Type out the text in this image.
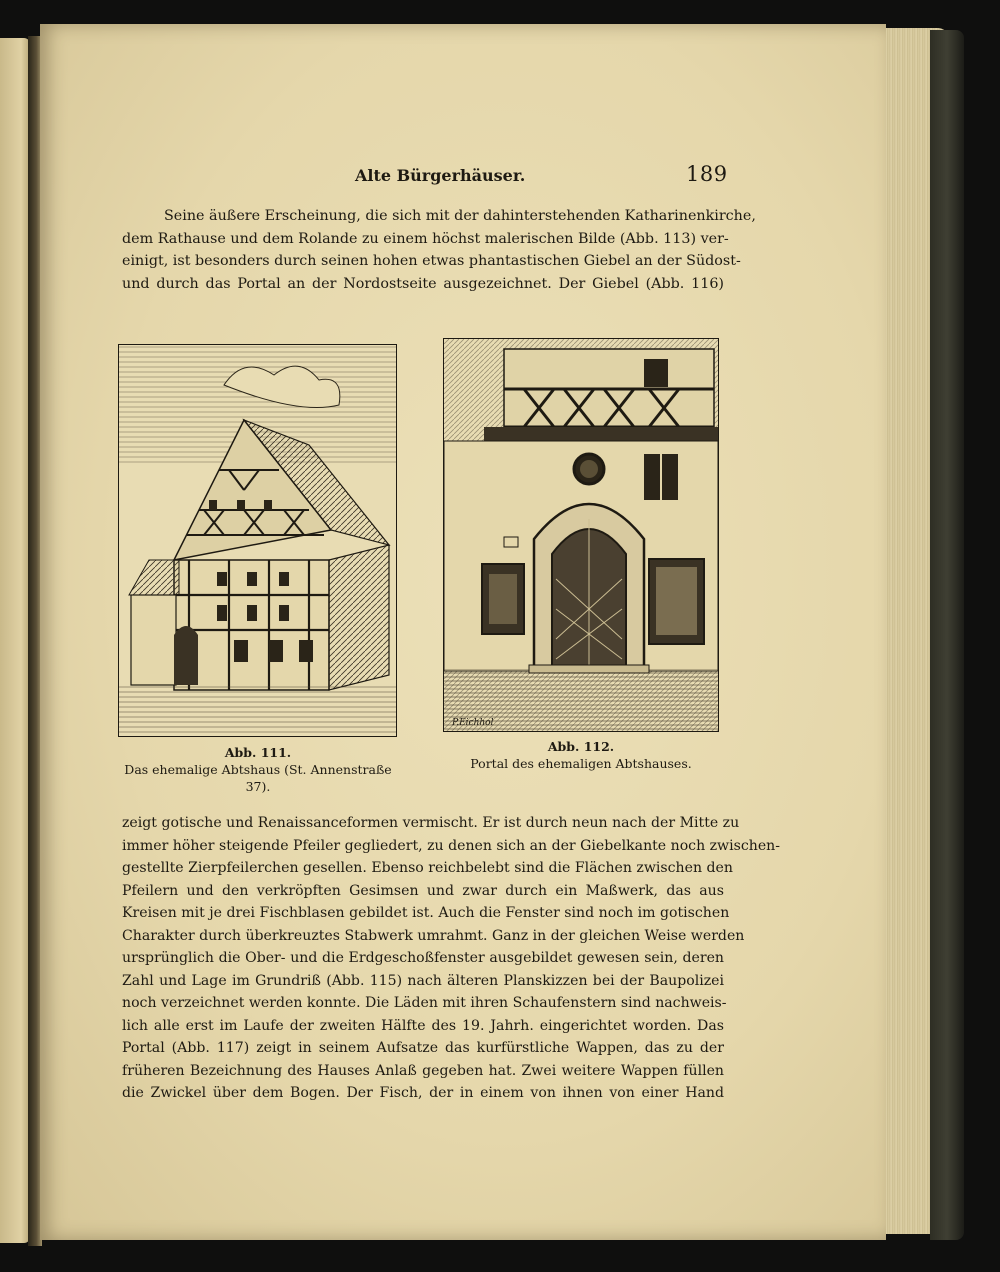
Alte Bürgerhäuser.	189
Seine äußere Erscheinung, die sich mit der dahinterstehenden Katharinenkirche,
dem Rathause und dem Rolande zu einem höchst malerischen Bilde (Abb. 113) ver-
einigt, ist besonders durch seinen hohen etwas phantastischen Giebel an der Südost-
und durch das Portal an der Nordostseite ausgezeichnet. Der Giebel (Abb. 116)
Abb. 111.
Das ehemalige Abtshaus (St. Annenstraße 37).
P.Eichhol
Abb. 112.
Portal des ehemaligen Abtshauses.
zeigt gotische und Renaissanceformen vermischt. Er ist durch neun nach der Mitte zu
immer höher steigende Pfeiler gegliedert, zu denen sich an der Giebelkante noch zwischen-
gestellte Zierpfeilerchen gesellen. Ebenso reichbelebt sind die Flächen zwischen den
Pfeilern und den verkröpften Gesimsen und zwar durch ein Maßwerk, das aus
Kreisen mit je drei Fischblasen gebildet ist. Auch die Fenster sind noch im gotischen
Charakter durch überkreuztes Stabwerk umrahmt. Ganz in der gleichen Weise werden
ursprünglich die Ober- und die Erdgeschoßfenster ausgebildet gewesen sein, deren
Zahl und Lage im Grundriß (Abb. 115) nach älteren Planskizzen bei der Baupolizei
noch verzeichnet werden konnte. Die Läden mit ihren Schaufenstern sind nachweis-
lich alle erst im Laufe der zweiten Hälfte des 19. Jahrh. eingerichtet worden. Das
Portal (Abb. 117) zeigt in seinem Aufsatze das kurfürstliche Wappen, das zu der
früheren Bezeichnung des Hauses Anlaß gegeben hat. Zwei weitere Wappen füllen
die Zwickel über dem Bogen. Der Fisch, der in einem von ihnen von einer Hand
